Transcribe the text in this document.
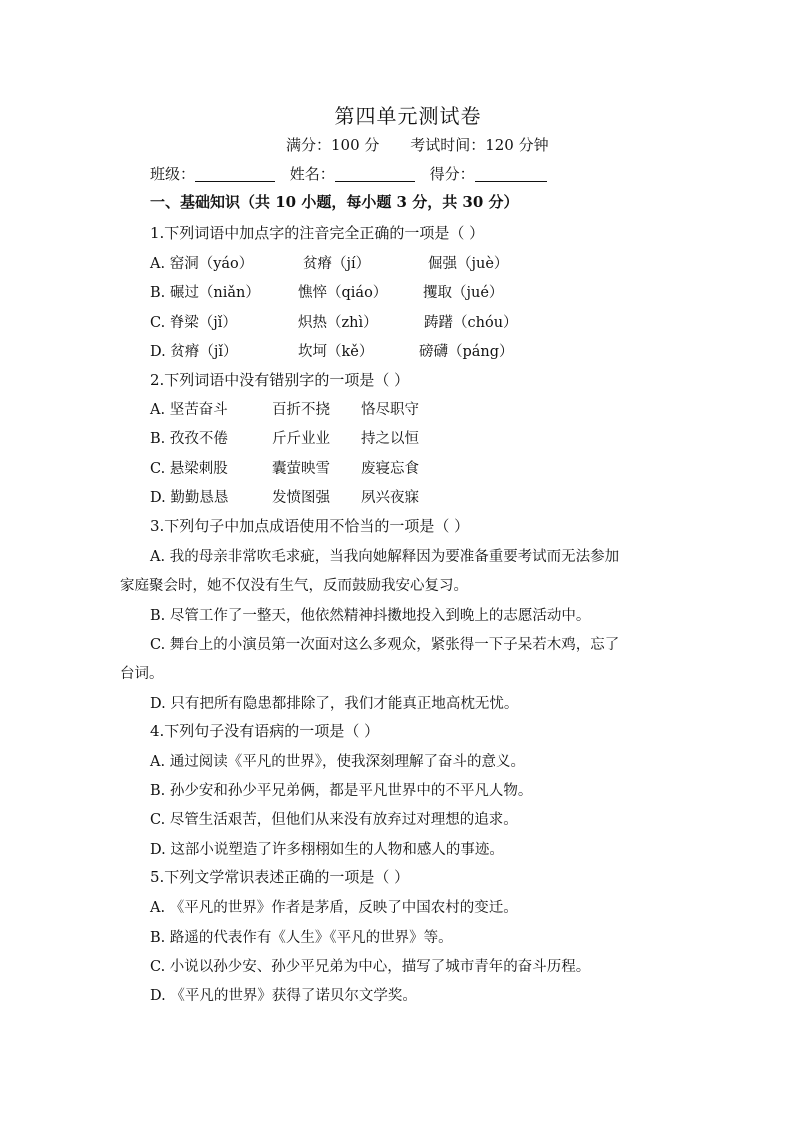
第四单元测试卷
满分：100 分 考试时间：120 分钟
班级：	姓名：	得分：
一、基础知识（共 10 小题，每小题 3 分，共 30 分）
1.下列词语中加点字的注音完全正确的一项是（ ）
A. 窑洞（yáo）	贫瘠（jí）	倔强（juè）
B. 碾过（niǎn）	憔悴（qiáo） 攫取（jué）
C. 脊梁（jǐ）	炽热（zhì）	踌躇（chóu）
D. 贫瘠（jǐ）	坎坷（kě）	磅礴（páng）
2.下列词语中没有错别字的一项是（ ）
A. 坚苦奋斗	百折不挠 恪尽职守
B. 孜孜不倦	斤斤业业 持之以恒
C. 悬梁刺股	囊萤映雪 废寝忘食
D. 勤勤恳恳	发愤图强 夙兴夜寐
3.下列句子中加点成语使用不恰当的一项是（ ）
A. 我的母亲非常吹毛求疵，当我向她解释因为要准备重要考试而无法参加
家庭聚会时，她不仅没有生气，反而鼓励我安心复习。
B. 尽管工作了一整天，他依然精神抖擞地投入到晚上的志愿活动中。
C. 舞台上的小演员第一次面对这么多观众，紧张得一下子呆若木鸡，忘了
台词。
D. 只有把所有隐患都排除了，我们才能真正地高枕无忧。
4.下列句子没有语病的一项是（ ）
A. 通过阅读《平凡的世界》，使我深刻理解了奋斗的意义。
B. 孙少安和孙少平兄弟俩，都是平凡世界中的不平凡人物。
C. 尽管生活艰苦，但他们从来没有放弃过对理想的追求。
D. 这部小说塑造了许多栩栩如生的人物和感人的事迹。
5.下列文学常识表述正确的一项是（ ）
A. 《平凡的世界》作者是茅盾，反映了中国农村的变迁。
B. 路遥的代表作有《人生》《平凡的世界》等。
C. 小说以孙少安、孙少平兄弟为中心，描写了城市青年的奋斗历程。
D. 《平凡的世界》获得了诺贝尔文学奖。
